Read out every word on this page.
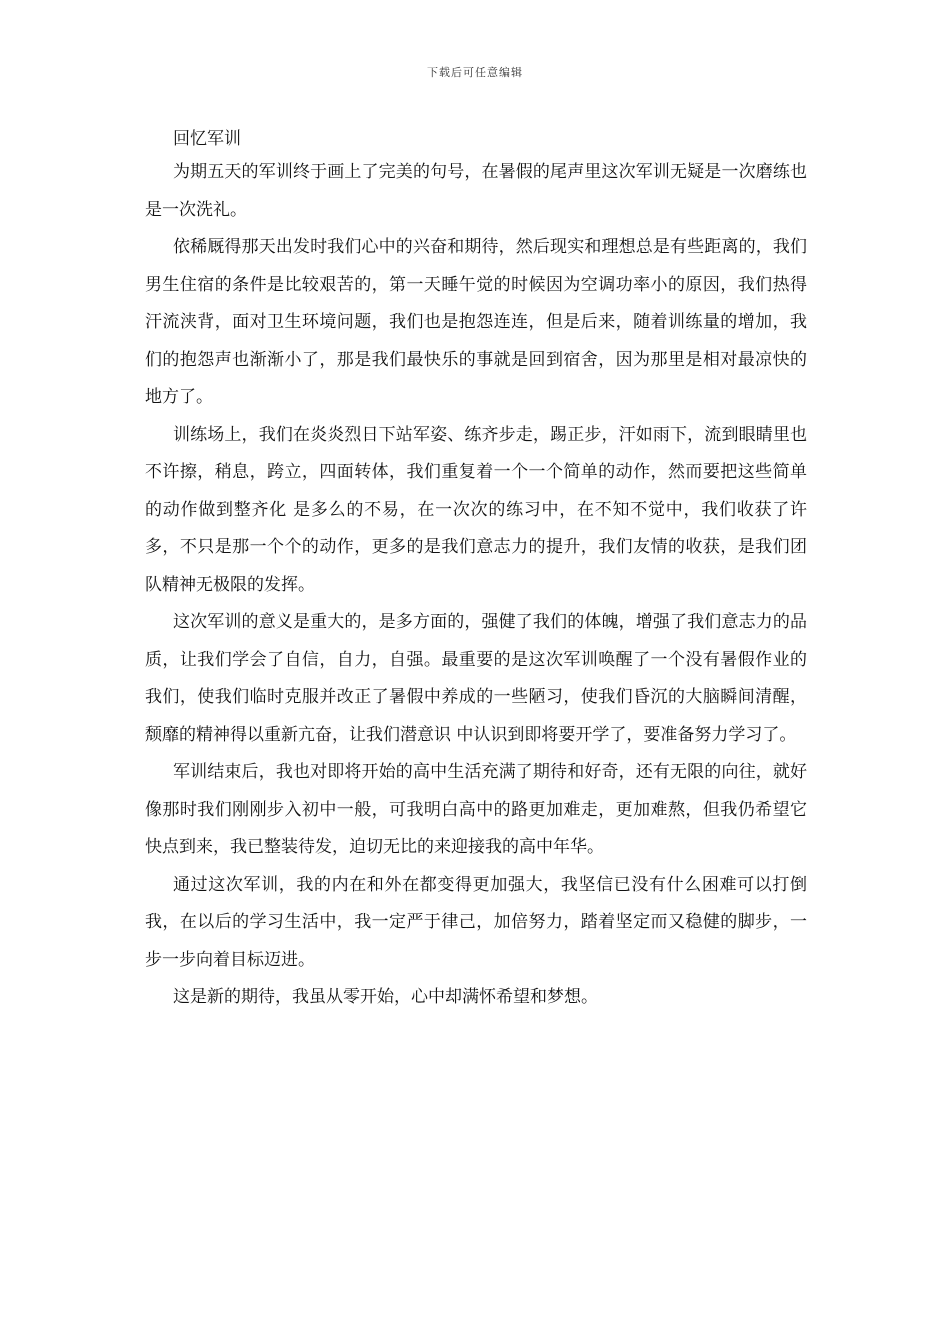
下载后可任意编辑
回忆军训

为期五天的军训终于画上了完美的句号，在暑假的尾声里这次军训无疑是一次磨练也是一次洗礼。

依稀厩得那天出发时我们心中的兴奋和期待，然后现实和理想总是有些距离的，我们男生住宿的条件是比较艰苦的，第一天睡午觉的时候因为空调功率小的原因，我们热得汗流浃背，面对卫生环境问题，我们也是抱怨连连，但是后来，随着训练量的增加，我们的抱怨声也渐渐小了，那是我们最快乐的事就是回到宿舍，因为那里是相对最凉快的地方了。

训练场上，我们在炎炎烈日下站军姿、练齐步走，踢正步，汗如雨下，流到眼睛里也不许擦，稍息，跨立，四面转体，我们重复着一个一个简单的动作，然而要把这些简单的动作做到整齐化 是多么的不易，在一次次的练习中，在不知不觉中，我们收获了许多，不只是那一个个的动作，更多的是我们意志力的提升，我们友情的收获，是我们团队精神无极限的发挥。

这次军训的意义是重大的，是多方面的，强健了我们的体魄，增强了我们意志力的品质，让我们学会了自信，自力，自强。最重要的是这次军训唤醒了一个没有暑假作业的我们，使我们临时克服并改正了暑假中养成的一些陋习，使我们昏沉的大脑瞬间清醒，颓靡的精神得以重新亢奋，让我们潜意识 中认识到即将要开学了，要准备努力学习了。

军训结束后，我也对即将开始的高中生活充满了期待和好奇，还有无限的向往，就好像那时我们刚刚步入初中一般，可我明白高中的路更加难走，更加难熬，但我仍希望它快点到来，我已整装待发，迫切无比的来迎接我的高中年华。

通过这次军训，我的内在和外在都变得更加强大，我坚信已没有什么困难可以打倒我，在以后的学习生活中，我一定严于律己，加倍努力，踏着坚定而又稳健的脚步，一步一步向着目标迈进。

这是新的期待，我虽从零开始，心中却满怀希望和梦想。
